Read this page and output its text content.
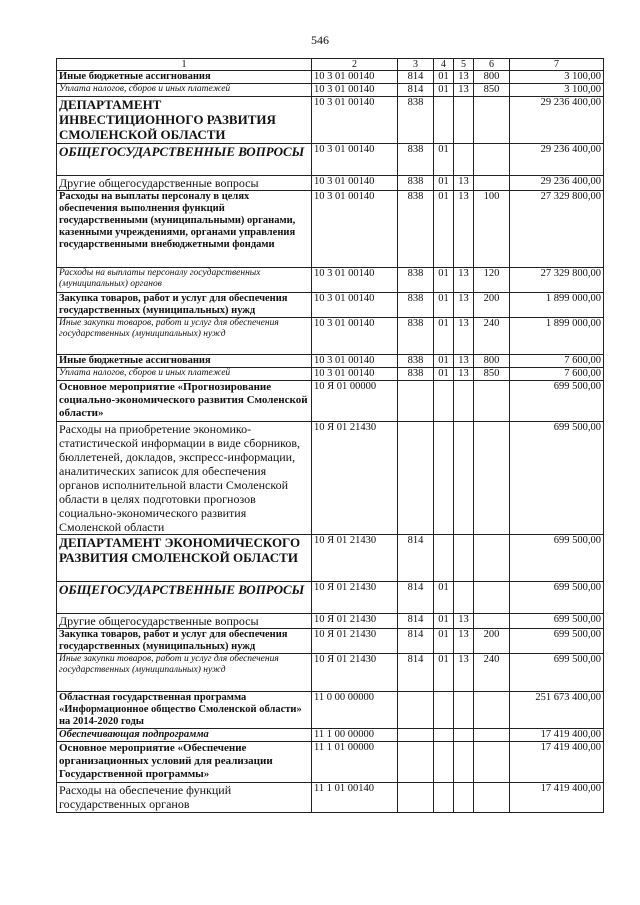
546
1	2	3	4	5	6	7
Иные бюджетные ассигнования	10 3 01 00140	814	01	13	800	3 100,00
Уплата налогов, сборов и иных платежей	10 3 01 00140	814	01	13	850	3 100,00
ДЕПАРТАМЕНТ ИНВЕСТИЦИОННОГО РАЗВИТИЯ СМОЛЕНСКОЙ ОБЛАСТИ	10 3 01 00140	838				29 236 400,00
ОБЩЕГОСУДАРСТВЕННЫЕ ВОПРОСЫ	10 3 01 00140	838	01			29 236 400,00
Другие общегосударственные вопросы	10 3 01 00140	838	01	13		29 236 400,00
Расходы на выплаты персоналу в целях обеспечения выполнения функций государственными (муниципальными) органами, казенными учреждениями, органами управления государственными внебюджетными фондами	10 3 01 00140	838	01	13	100	27 329 800,00
Расходы на выплаты персоналу государственных (муниципальных) органов	10 3 01 00140	838	01	13	120	27 329 800,00
Закупка товаров, работ и услуг для обеспечения государственных (муниципальных) нужд	10 3 01 00140	838	01	13	200	1 899 000,00
Иные закупки товаров, работ и услуг для обеспечения государственных (муниципальных) нужд	10 3 01 00140	838	01	13	240	1 899 000,00
Иные бюджетные ассигнования	10 3 01 00140	838	01	13	800	7 600,00
Уплата налогов, сборов и иных платежей	10 3 01 00140	838	01	13	850	7 600,00
Основное мероприятие «Прогнозирование социально-экономического развития Смоленской области»	10 Я 01 00000					699 500,00
Расходы на приобретение экономико-статистической информации в виде сборников, бюллетеней, докладов, экспресс-информации, аналитических записок для обеспечения органов исполнительной власти Смоленской области в целях подготовки прогнозов социально-экономического развития Смоленской области	10 Я 01 21430					699 500,00
ДЕПАРТАМЕНТ ЭКОНОМИЧЕСКОГО РАЗВИТИЯ СМОЛЕНСКОЙ ОБЛАСТИ	10 Я 01 21430	814				699 500,00
ОБЩЕГОСУДАРСТВЕННЫЕ ВОПРОСЫ	10 Я 01 21430	814	01			699 500,00
Другие общегосударственные вопросы	10 Я 01 21430	814	01	13		699 500,00
Закупка товаров, работ и услуг для обеспечения государственных (муниципальных) нужд	10 Я 01 21430	814	01	13	200	699 500,00
Иные закупки товаров, работ и услуг для обеспечения государственных (муниципальных) нужд	10 Я 01 21430	814	01	13	240	699 500,00
Областная государственная программа «Информационное общество Смоленской области» на 2014-2020 годы	11 0 00 00000					251 673 400,00
Обеспечивающая подпрограмма	11 1 00 00000					17 419 400,00
Основное мероприятие «Обеспечение организационных условий для реализации Государственной программы»	11 1 01 00000					17 419 400,00
Расходы на обеспечение функций государственных органов	11 1 01 00140					17 419 400,00
